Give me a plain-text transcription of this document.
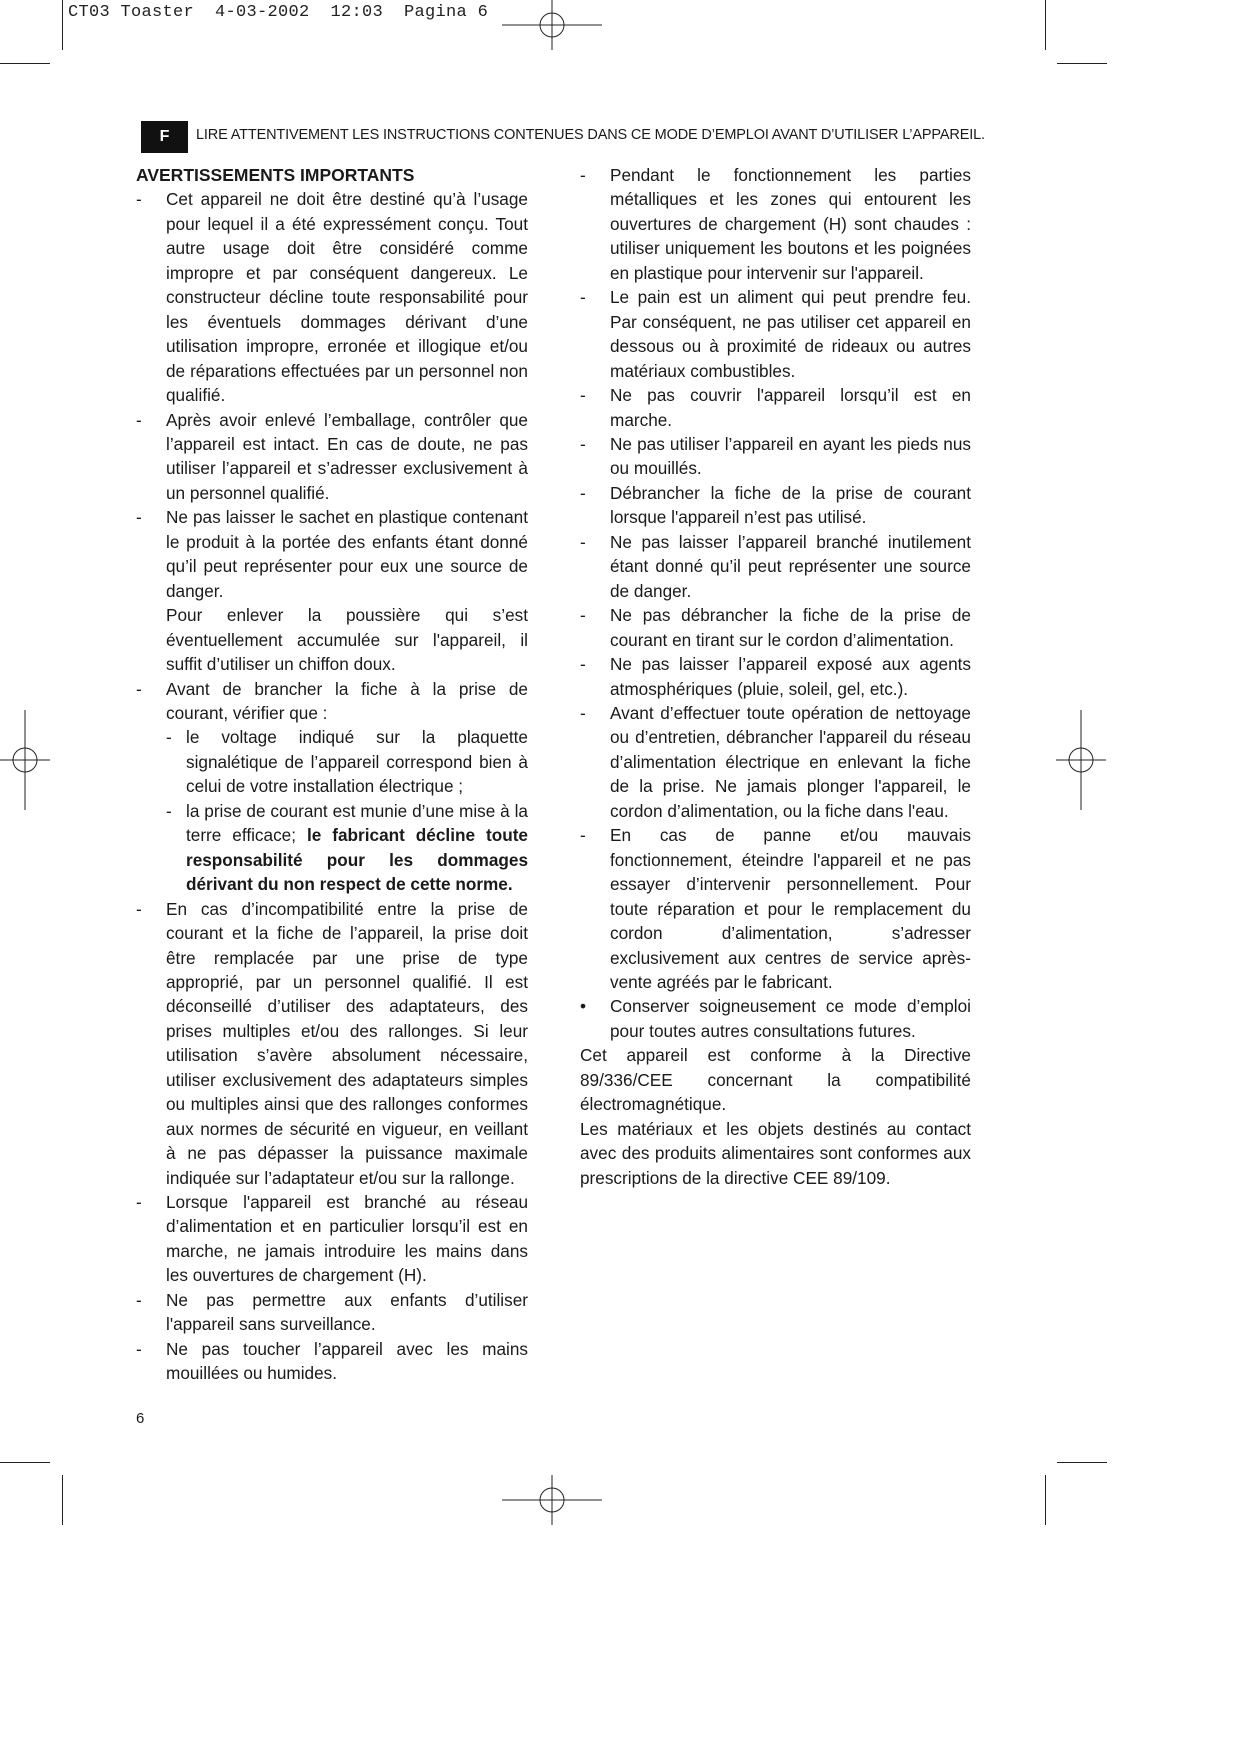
CT03 Toaster  4-03-2002  12:03  Pagina 6
F	LIRE ATTENTIVEMENT LES INSTRUCTIONS CONTENUES DANS CE MODE D’EMPLOI AVANT D’UTILISER L’APPAREIL.
AVERTISSEMENTS IMPORTANTS
- Cet appareil ne doit être destiné qu’à l’usage pour lequel il a été expressément conçu. Tout autre usage doit être considéré comme impropre et par conséquent dangereux. Le constructeur décline toute responsabilité pour les éventuels dommages dérivant d’une utilisation impropre, erronée et illogique et/ou de réparations effectuées par un personnel non qualifié.
- Après avoir enlevé l’emballage, contrôler que l’appareil est intact. En cas de doute, ne pas utiliser l’appareil et s’adresser exclusivement à un personnel qualifié.
- Ne pas laisser le sachet en plastique contenant le produit à la portée des enfants étant donné qu’il peut représenter pour eux une source de danger.
Pour enlever la poussière qui s’est éventuellement accumulée sur l'appareil, il suffit d’utiliser un chiffon doux.
- Avant de brancher la fiche à la prise de courant, vérifier que :
- le voltage indiqué sur la plaquette signalétique de l’appareil correspond bien à celui de votre installation électrique ;
- la prise de courant est munie d’une mise à la terre efficace; le fabricant décline toute responsabilité pour les dommages dérivant du non respect de cette norme.
- En cas d’incompatibilité entre la prise de courant et la fiche de l’appareil, la prise doit être remplacée par une prise de type approprié, par un personnel qualifié. Il est déconseillé d’utiliser des adaptateurs, des prises multiples et/ou des rallonges. Si leur utilisation s’avère absolument nécessaire, utiliser exclusivement des adaptateurs simples ou multiples ainsi que des rallonges conformes aux normes de sécurité en vigueur, en veillant à ne pas dépasser la puissance maximale indiquée sur l’adaptateur et/ou sur la rallonge.
- Lorsque l'appareil est branché au réseau d’alimentation et en particulier lorsqu’il est en marche, ne jamais introduire les mains dans les ouvertures de chargement (H).
- Ne pas permettre aux enfants d’utiliser l'appareil sans surveillance.
- Ne pas toucher l’appareil avec les mains mouillées ou humides.
- Pendant le fonctionnement les parties métalliques et les zones qui entourent les ouvertures de chargement (H) sont chaudes : utiliser uniquement les boutons et les poignées en plastique pour intervenir sur l'appareil.
- Le pain est un aliment qui peut prendre feu. Par conséquent, ne pas utiliser cet appareil en dessous ou à proximité de rideaux ou autres matériaux combustibles.
- Ne pas couvrir l'appareil lorsqu’il est en marche.
- Ne pas utiliser l’appareil en ayant les pieds nus ou mouillés.
- Débrancher la fiche de la prise de courant lorsque l'appareil n’est pas utilisé.
- Ne pas laisser l’appareil branché inutilement étant donné qu’il peut représenter une source de danger.
- Ne pas débrancher la fiche de la prise de courant en tirant sur le cordon d’alimentation.
- Ne pas laisser l’appareil exposé aux agents atmosphériques (pluie, soleil, gel, etc.).
- Avant d’effectuer toute opération de nettoyage ou d’entretien, débrancher l'appareil du réseau d’alimentation électrique en enlevant la fiche de la prise. Ne jamais plonger l'appareil, le cordon d’alimentation, ou la fiche dans l'eau.
- En cas de panne et/ou mauvais fonctionnement, éteindre l'appareil et ne pas essayer d’intervenir personnellement. Pour toute réparation et pour le remplacement du cordon d’alimentation, s’adresser exclusivement aux centres de service après-vente agréés par le fabricant.
• Conserver soigneusement ce mode d’emploi pour toutes autres consultations futures.
Cet appareil est conforme à la Directive 89/336/CEE concernant la compatibilité électromagnétique.
Les matériaux et les objets destinés au contact avec des produits alimentaires sont conformes aux prescriptions de la directive CEE 89/109.
6
